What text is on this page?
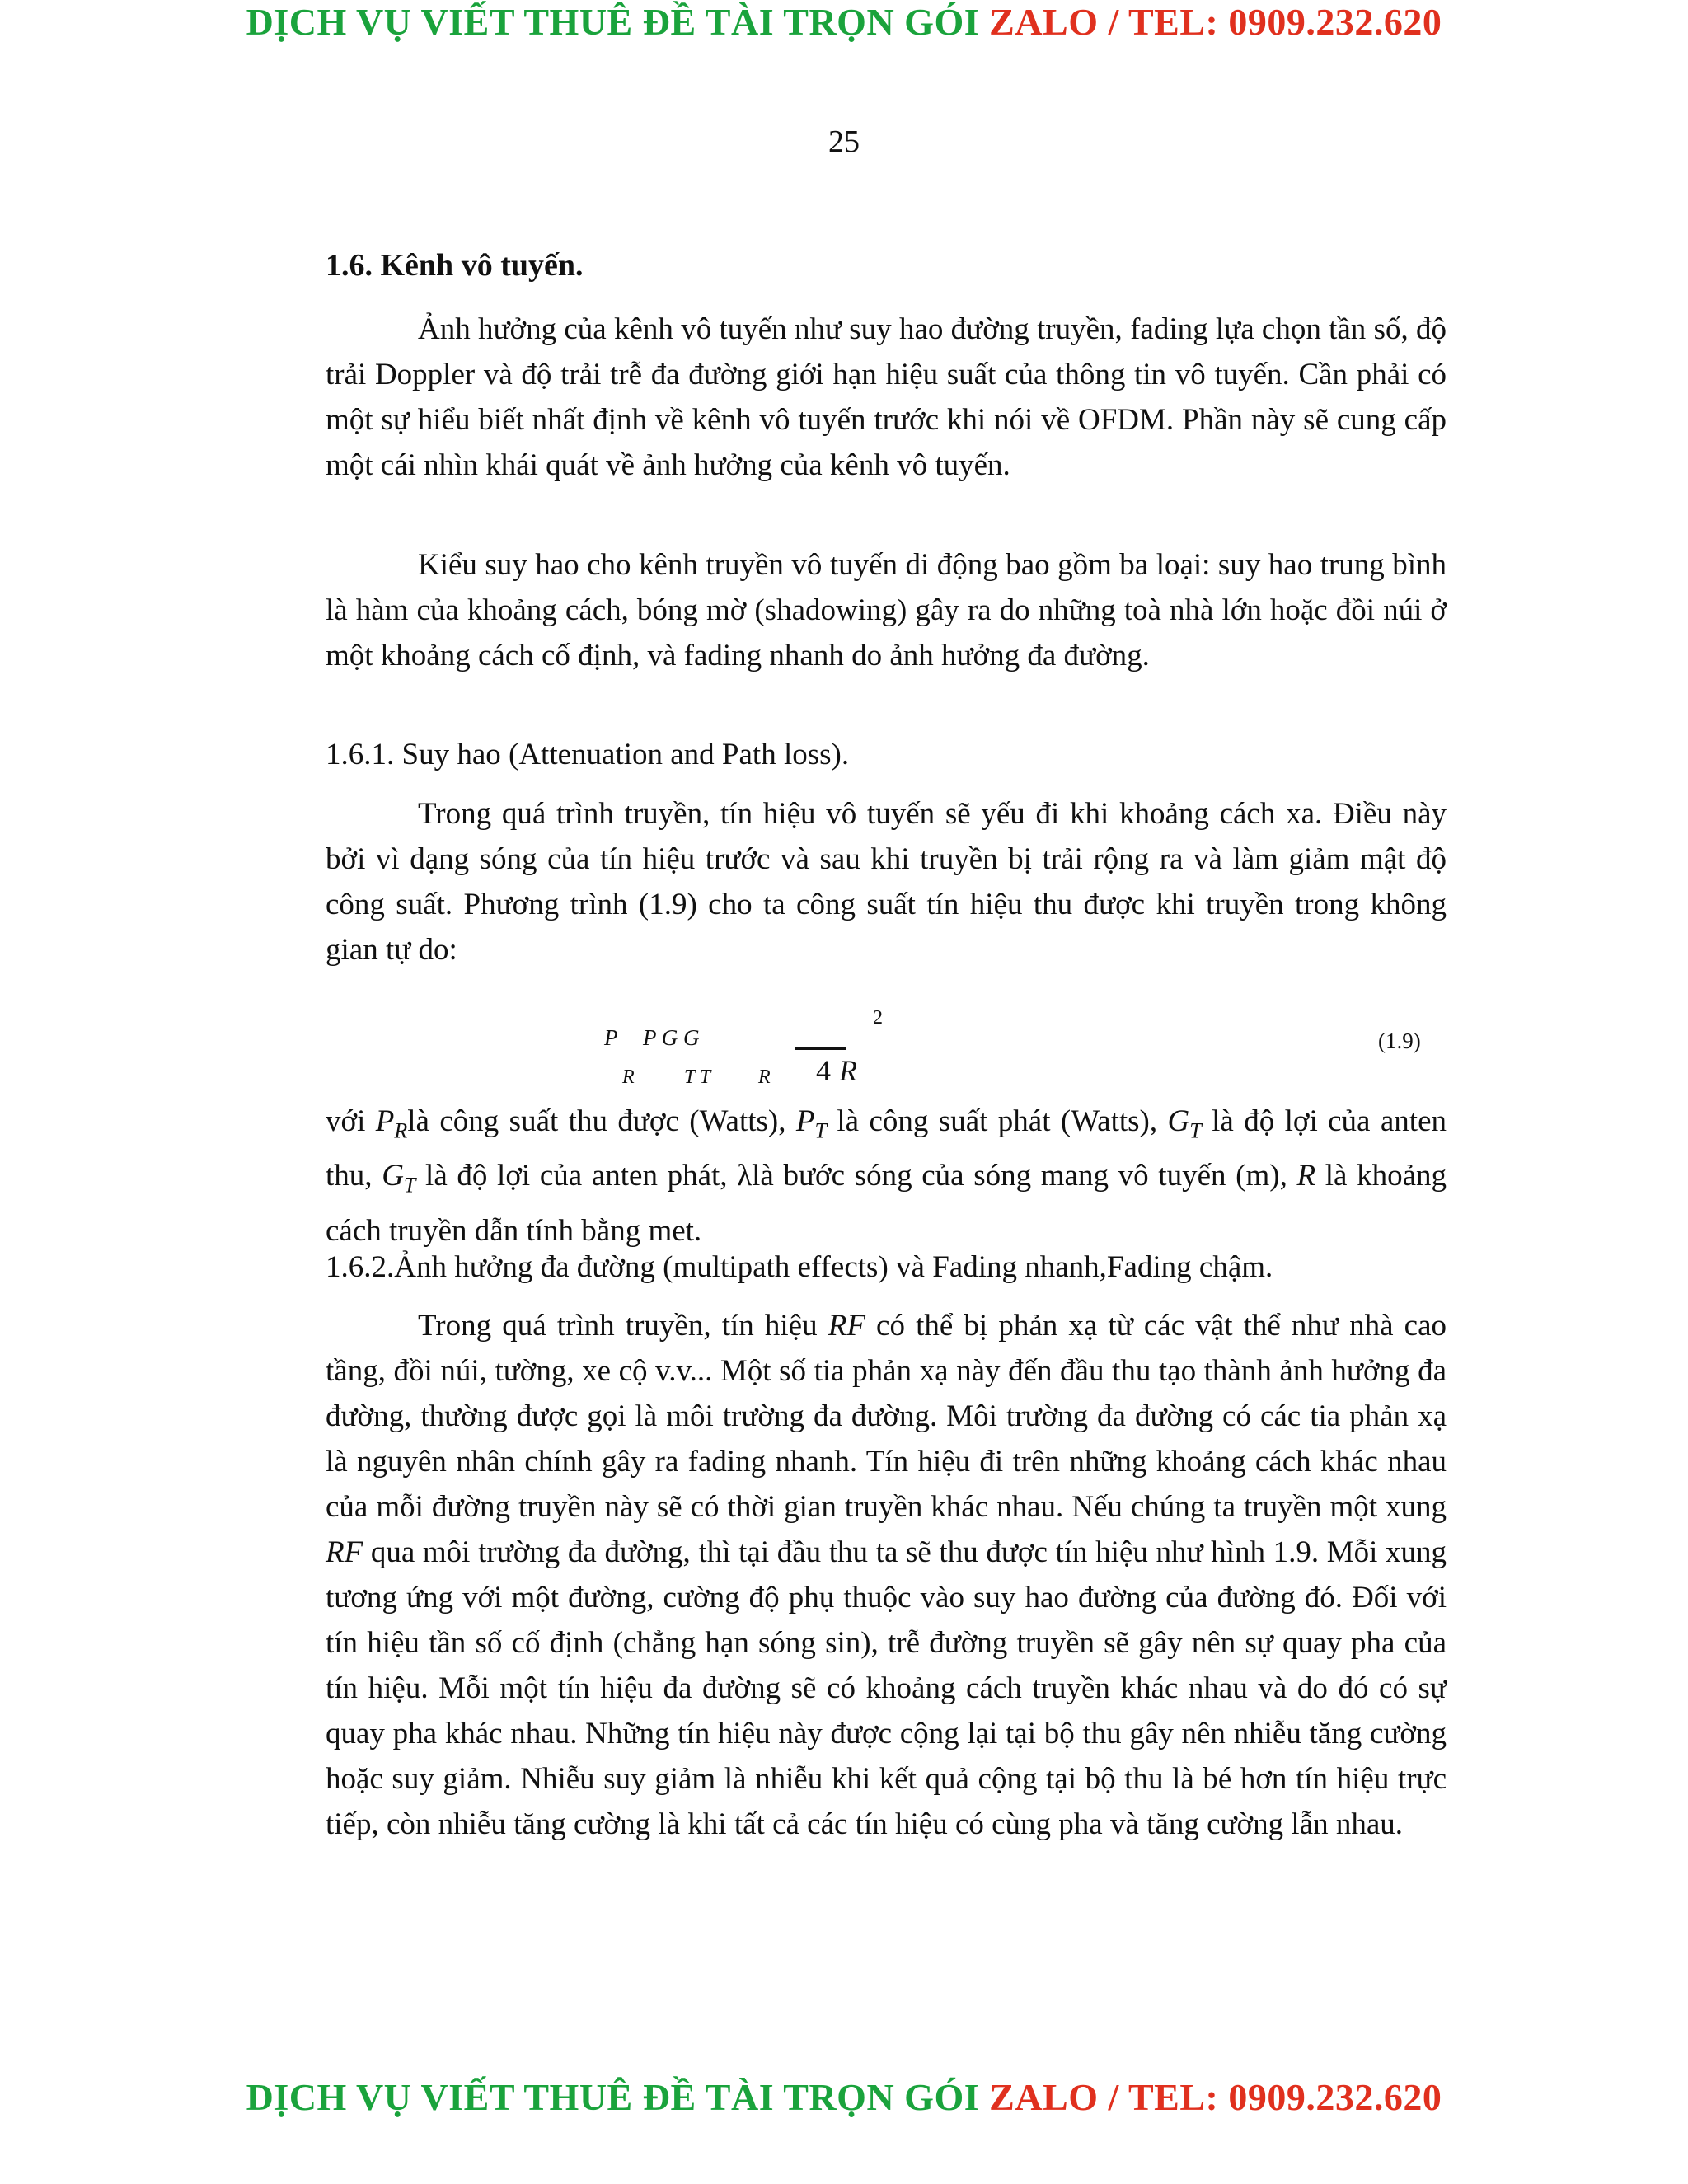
DỊCH VỤ VIẾT THUÊ ĐỀ TÀI TRỌN GÓI ZALO / TEL: 0909.232.620
25
1.6. Kênh vô tuyến.

Ảnh hưởng của kênh vô tuyến như suy hao đường truyền, fading lựa chọn tần số, độ trải Doppler và độ trải trễ đa đường giới hạn hiệu suất của thông tin vô tuyến. Cần phải có một sự hiểu biết nhất định về kênh vô tuyến trước khi nói về OFDM. Phần này sẽ cung cấp một cái nhìn khái quát về ảnh hưởng của kênh vô tuyến.

Kiểu suy hao cho kênh truyền vô tuyến di động bao gồm ba loại: suy hao trung bình là hàm của khoảng cách, bóng mờ (shadowing) gây ra do những toà nhà lớn hoặc đồi núi ở một khoảng cách cố định, và fading nhanh do ảnh hưởng đa đường.

1.6.1. Suy hao (Attenuation and Path loss).

Trong quá trình truyền, tín hiệu vô tuyến sẽ yếu đi khi khoảng cách xa. Điều này bởi vì dạng sóng của tín hiệu trước và sau khi truyền bị trải rộng ra và làm giảm mật độ công suất. Phương trình (1.9) cho ta công suất tín hiệu thu được khi truyền trong không gian tự do:

P P G G
2
R	T T R 4 R
(1.9)

với $P_Rlà$ công suất thu được (Watts), $P_T$ là công suất phát (Watts), $G_T$ là độ lợi của anten thu, $G_T$ là độ lợi của anten phát, λlà bước sóng của sóng mang vô tuyến (m), R là khoảng cách truyền dẫn tính bằng met.

1.6.2.Ảnh hưởng đa đường (multipath effects) và Fading nhanh,Fading chậm.

Trong quá trình truyền, tín hiệu RF có thể bị phản xạ từ các vật thể như nhà cao tầng, đồi núi, tường, xe cộ v.v... Một số tia phản xạ này đến đầu thu tạo thành ảnh hưởng đa đường, thường được gọi là môi trường đa đường. Môi trường đa đường có các tia phản xạ là nguyên nhân chính gây ra fading nhanh. Tín hiệu đi trên những khoảng cách khác nhau của mỗi đường truyền này sẽ có thời gian truyền khác nhau. Nếu chúng ta truyền một xung RF qua môi trường đa đường, thì tại đầu thu ta sẽ thu được tín hiệu như hình 1.9. Mỗi xung tương ứng với một đường, cường độ phụ thuộc vào suy hao đường của đường đó. Đối với tín hiệu tần số cố định (chẳng hạn sóng sin), trễ đường truyền sẽ gây nên sự quay pha của tín hiệu. Mỗi một tín hiệu đa đường sẽ có khoảng cách truyền khác nhau và do đó có sự quay pha khác nhau. Những tín hiệu này được cộng lại tại bộ thu gây nên nhiễu tăng cường hoặc suy giảm. Nhiễu suy giảm là nhiễu khi kết quả cộng tại bộ thu là bé hơn tín hiệu trực tiếp, còn nhiễu tăng cường là khi tất cả các tín hiệu có cùng pha và tăng cường lẫn nhau.

DỊCH VỤ VIẾT THUÊ ĐỀ TÀI TRỌN GÓI ZALO / TEL: 0909.232.620
